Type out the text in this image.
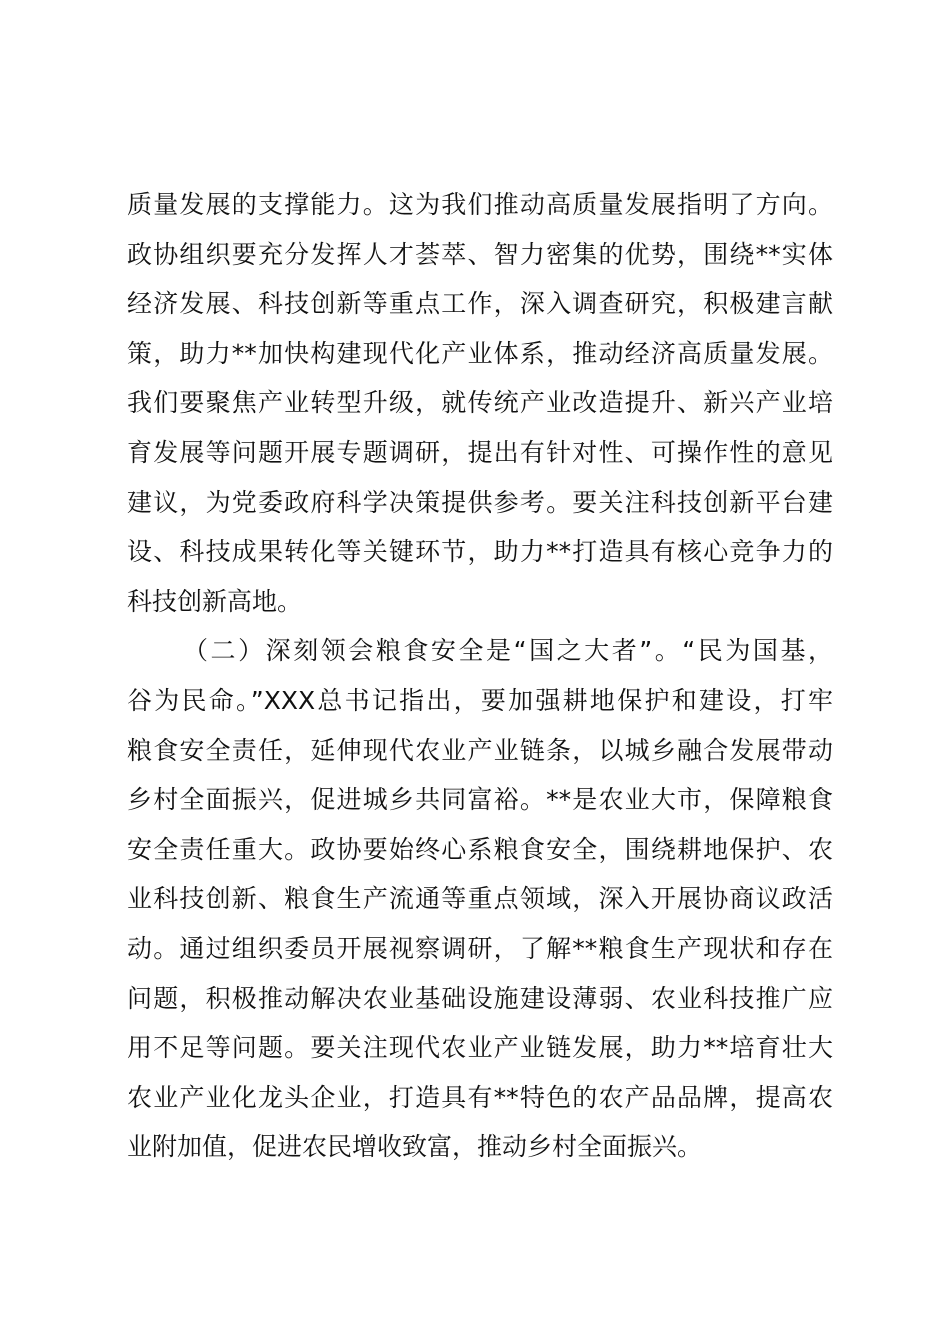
质量发展的支撑能力。这为我们推动高质量发展指明了方向。
政协组织要充分发挥人才荟萃、智力密集的优势，围绕**实体
经济发展、科技创新等重点工作，深入调查研究，积极建言献
策，助力**加快构建现代化产业体系，推动经济高质量发展。
我们要聚焦产业转型升级，就传统产业改造提升、新兴产业培
育发展等问题开展专题调研，提出有针对性、可操作性的意见
建议，为党委政府科学决策提供参考。要关注科技创新平台建
设、科技成果转化等关键环节，助力**打造具有核心竞争力的
科技创新高地。
（二）深刻领会粮食安全是“国之大者”。“民为国基，
谷为民命。”XXX总书记指出，要加强耕地保护和建设，打牢
粮食安全责任，延伸现代农业产业链条，以城乡融合发展带动
乡村全面振兴，促进城乡共同富裕。**是农业大市，保障粮食
安全责任重大。政协要始终心系粮食安全，围绕耕地保护、农
业科技创新、粮食生产流通等重点领域，深入开展协商议政活
动。通过组织委员开展视察调研，了解**粮食生产现状和存在
问题，积极推动解决农业基础设施建设薄弱、农业科技推广应
用不足等问题。要关注现代农业产业链发展，助力**培育壮大
农业产业化龙头企业，打造具有**特色的农产品品牌，提高农
业附加值，促进农民增收致富，推动乡村全面振兴。
